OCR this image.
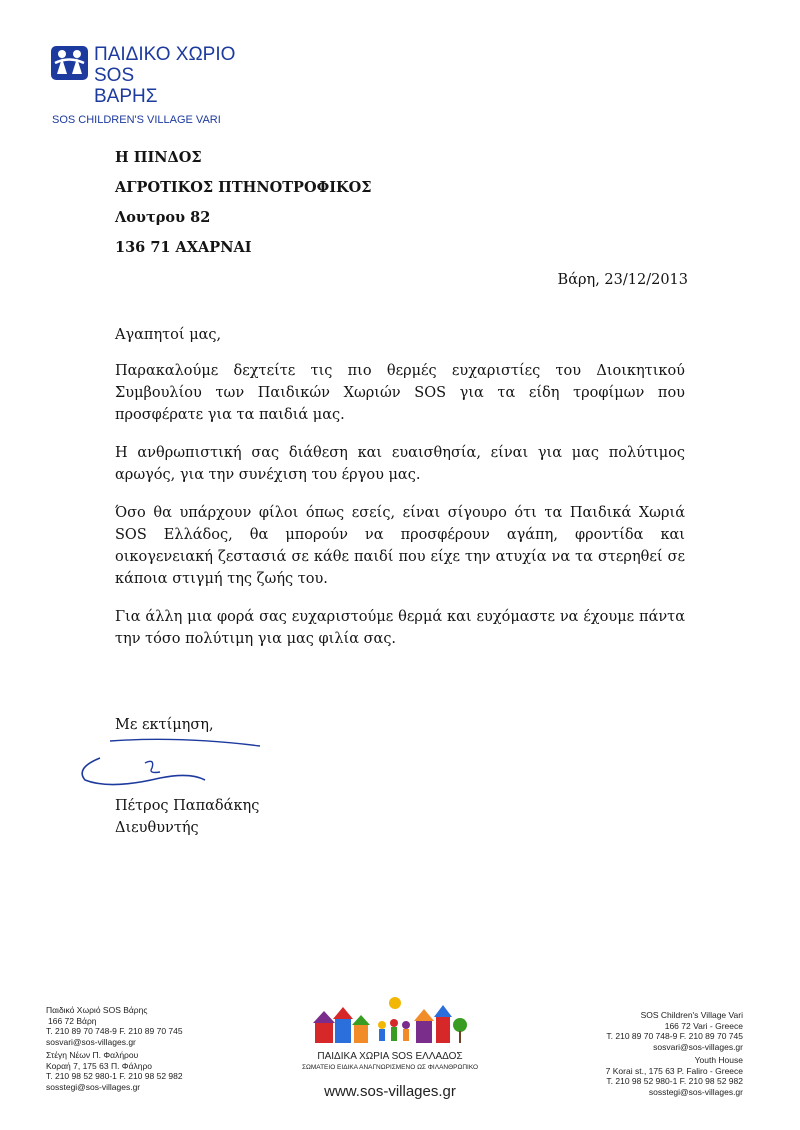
ΠΑΙΔΙΚΟ ΧΩΡΙΟ
SOS
ΒΑΡΗΣ
SOS CHILDREN'S VILLAGE VARI
Η ΠΙΝΔΟΣ
ΑΓΡΟΤΙΚΟΣ ΠΤΗΝΟΤΡΟΦΙΚΟΣ
Λουτρου 82
136 71 ΑΧΑΡΝΑΙ
Βάρη, 23/12/2013
Αγαπητοί μας,

Παρακαλούμε δεχτείτε τις πιο θερμές ευχαριστίες του Διοικητικού Συμβουλίου των Παιδικών Χωριών SOS για τα είδη τροφίμων που προσφέρατε για τα παιδιά μας.

Η ανθρωπιστική σας διάθεση και ευαισθησία, είναι για μας πολύτιμος αρωγός, για την συνέχιση του έργου μας.

Όσο θα υπάρχουν φίλοι όπως εσείς, είναι σίγουρο ότι τα Παιδικά Χωριά SOS Ελλάδος, θα μπορούν να προσφέρουν αγάπη, φροντίδα και οικογενειακή ζεστασιά σε κάθε παιδί που είχε την ατυχία να τα στερηθεί σε κάποια στιγμή της ζωής του.

Για άλλη μια φορά σας ευχαριστούμε θερμά και ευχόμαστε να έχουμε πάντα την τόσο πολύτιμη για μας φιλία σας.

Με εκτίμηση,
Πέτρος Παπαδάκης
Διευθυντής
Παιδικό Χωριό SOS Βάρης
166 72 Βάρη
Τ. 210 89 70 748-9 F. 210 89 70 745
sosvari@sos-villages.gr
Στέγη Νέων Π. Φαλήρου
Κοραή 7, 175 63 Π. Φάληρο
Τ. 210 98 52 980-1 F. 210 98 52 982
sosstegi@sos-villages.gr
ΠΑΙΔΙΚΑ ΧΩΡΙΑ SOS ΕΛΛΑΔΟΣ
ΣΩΜΑΤΕΙΟ ΕΙΔΙΚΑ ΑΝΑΓΝΩΡΙΣΜΕΝΟ ΩΣ ΦΙΛΑΝΘΡΩΠΙΚΟ
www.sos-villages.gr
SOS Children's Village Vari
166 72 Vari - Greece
T. 210 89 70 748-9 F. 210 89 70 745
sosvari@sos-villages.gr
Youth House
7 Korai st., 175 63 P. Faliro - Greece
T. 210 98 52 980-1 F. 210 98 52 982
sosstegi@sos-villages.gr
